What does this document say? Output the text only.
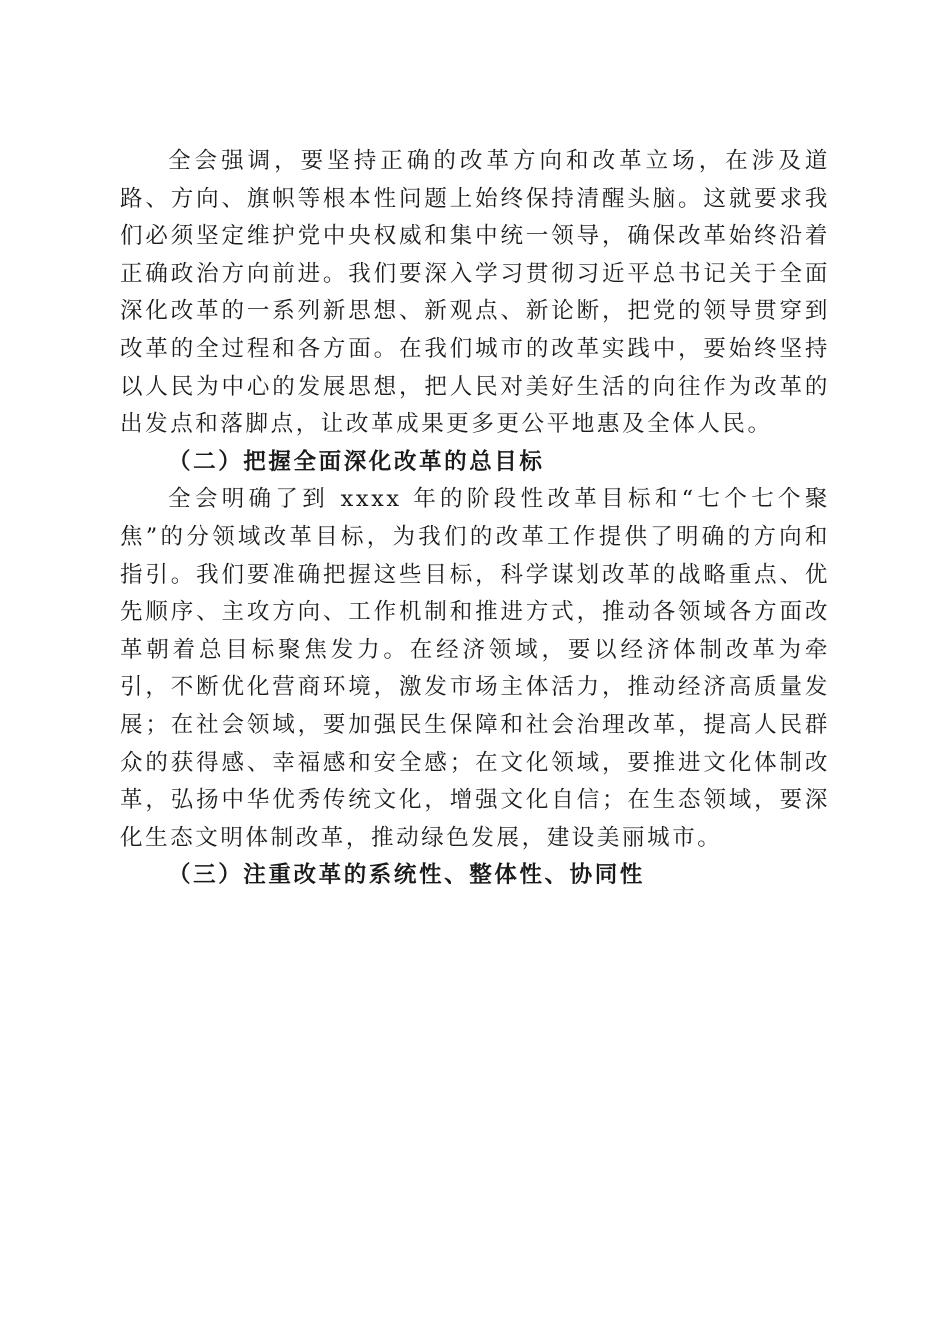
全会强调，要坚持正确的改革方向和改革立场，在涉及道路、方向、旗帜等根本性问题上始终保持清醒头脑。这就要求我们必须坚定维护党中央权威和集中统一领导，确保改革始终沿着正确政治方向前进。我们要深入学习贯彻习近平总书记关于全面深化改革的一系列新思想、新观点、新论断，把党的领导贯穿到改革的全过程和各方面。在我们城市的改革实践中，要始终坚持以人民为中心的发展思想，把人民对美好生活的向往作为改革的出发点和落脚点，让改革成果更多更公平地惠及全体人民。

（二）把握全面深化改革的总目标

全会明确了到 xxxx 年的阶段性改革目标和“七个七个聚焦”的分领域改革目标，为我们的改革工作提供了明确的方向和指引。我们要准确把握这些目标，科学谋划改革的战略重点、优先顺序、主攻方向、工作机制和推进方式，推动各领域各方面改革朝着总目标聚焦发力。在经济领域，要以经济体制改革为牵引，不断优化营商环境，激发市场主体活力，推动经济高质量发展；在社会领域，要加强民生保障和社会治理改革，提高人民群众的获得感、幸福感和安全感；在文化领域，要推进文化体制改革，弘扬中华优秀传统文化，增强文化自信；在生态领域，要深化生态文明体制改革，推动绿色发展，建设美丽城市。

（三）注重改革的系统性、整体性、协同性
